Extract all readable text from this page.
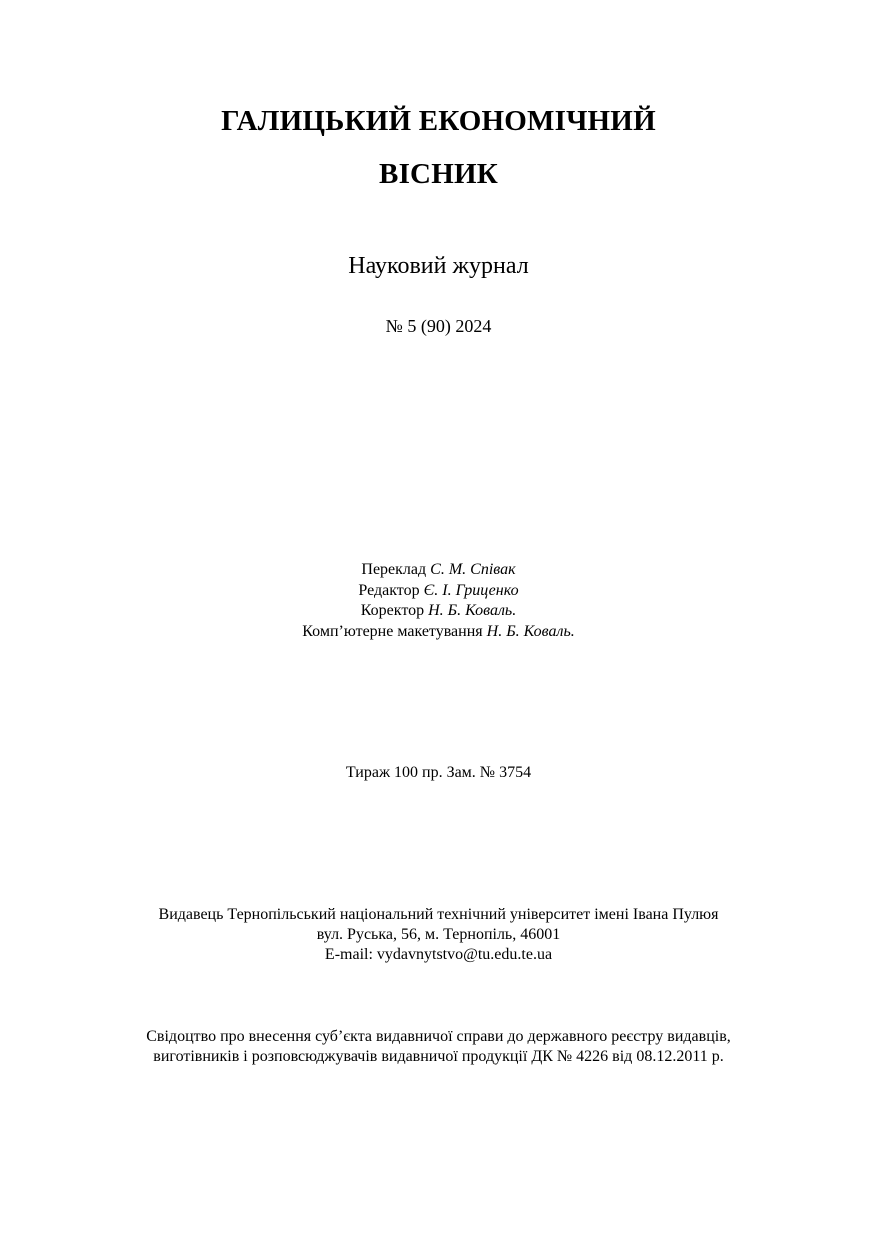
ГАЛИЦЬКИЙ ЕКОНОМІЧНИЙ
ВІСНИК
Науковий журнал
№ 5 (90) 2024
Переклад С. М. Співак
Редактор Є. І. Гриценко
Коректор Н. Б. Коваль.
Комп’ютерне макетування Н. Б. Коваль.
Тираж 100 пр. Зам. № 3754
Видавець Тернопільський національний технічний університет імені Івана Пулюя
вул. Руська, 56, м. Тернопіль, 46001
E-mail: vydavnytstvo@tu.edu.te.ua
Свідоцтво про внесення суб’єкта видавничої справи до державного реєстру видавців,
виготівників і розповсюджувачів видавничої продукції ДК № 4226 від 08.12.2011 р.
